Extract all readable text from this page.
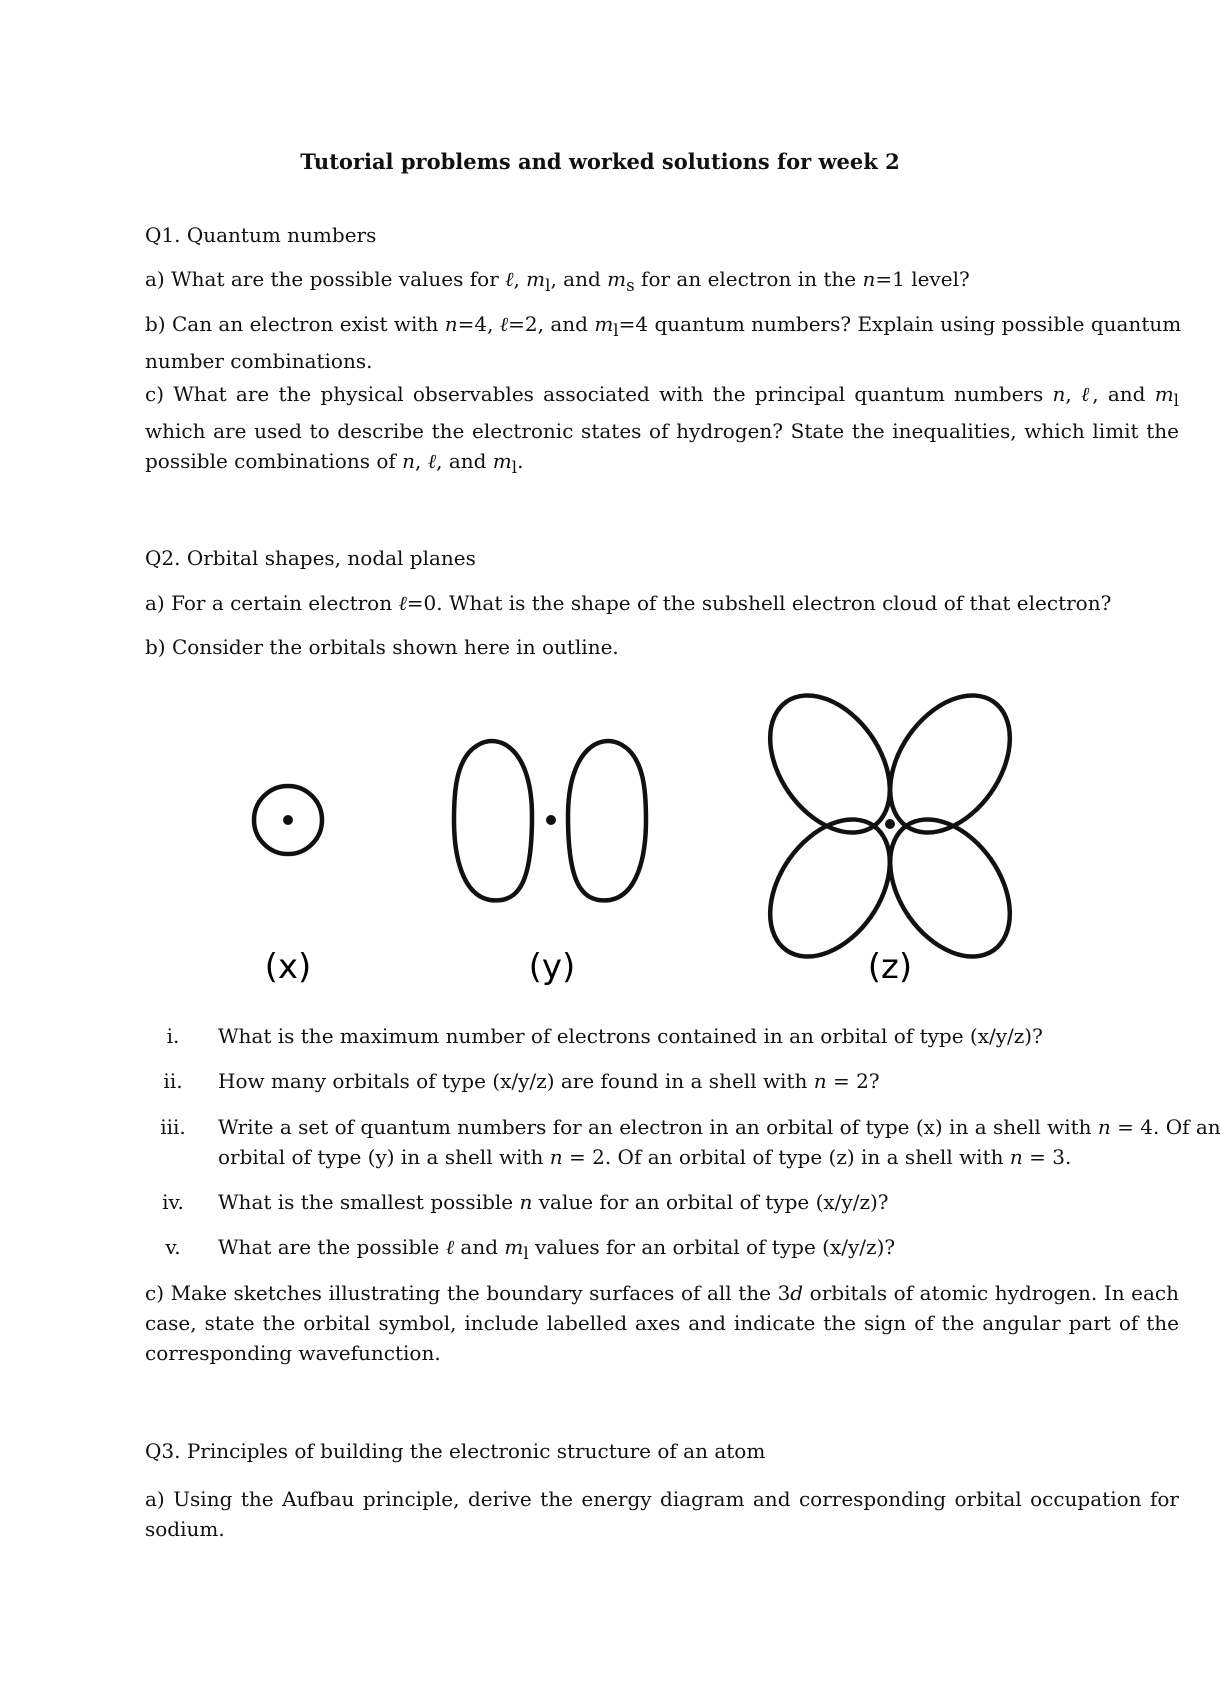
Tutorial problems and worked solutions for week 2
Q1. Quantum numbers
a) What are the possible values for ℓ, $m_l$, and $m_s$ for an electron in the n=1 level?
b) Can an electron exist with n=4, ℓ=2, and $m_l=4$ quantum numbers? Explain using possible quantum
number combinations.
c) What are the physical observables associated with the principal quantum numbers n, ℓ, and $m_l$
which are used to describe the electronic states of hydrogen? State the inequalities, which limit the
possible combinations of n, ℓ, and $m_l$.
Q2. Orbital shapes, nodal planes
a) For a certain electron ℓ=0. What is the shape of the subshell electron cloud of that electron?
b) Consider the orbitals shown here in outline.
(x)	(y)	(z)
i.	What is the maximum number of electrons contained in an orbital of type (x/y/z)?
ii.	How many orbitals of type (x/y/z) are found in a shell with n = 2?
iii.	Write a set of quantum numbers for an electron in an orbital of type (x) in a shell with n = 4. Of an
orbital of type (y) in a shell with n = 2. Of an orbital of type (z) in a shell with n = 3.
iv.	What is the smallest possible n value for an orbital of type (x/y/z)?
v.	What are the possible ℓ and $m_l$ values for an orbital of type (x/y/z)?
c) Make sketches illustrating the boundary surfaces of all the 3d orbitals of atomic hydrogen. In each
case, state the orbital symbol, include labelled axes and indicate the sign of the angular part of the
corresponding wavefunction.
Q3. Principles of building the electronic structure of an atom
a) Using the Aufbau principle, derive the energy diagram and corresponding orbital occupation for
sodium.
